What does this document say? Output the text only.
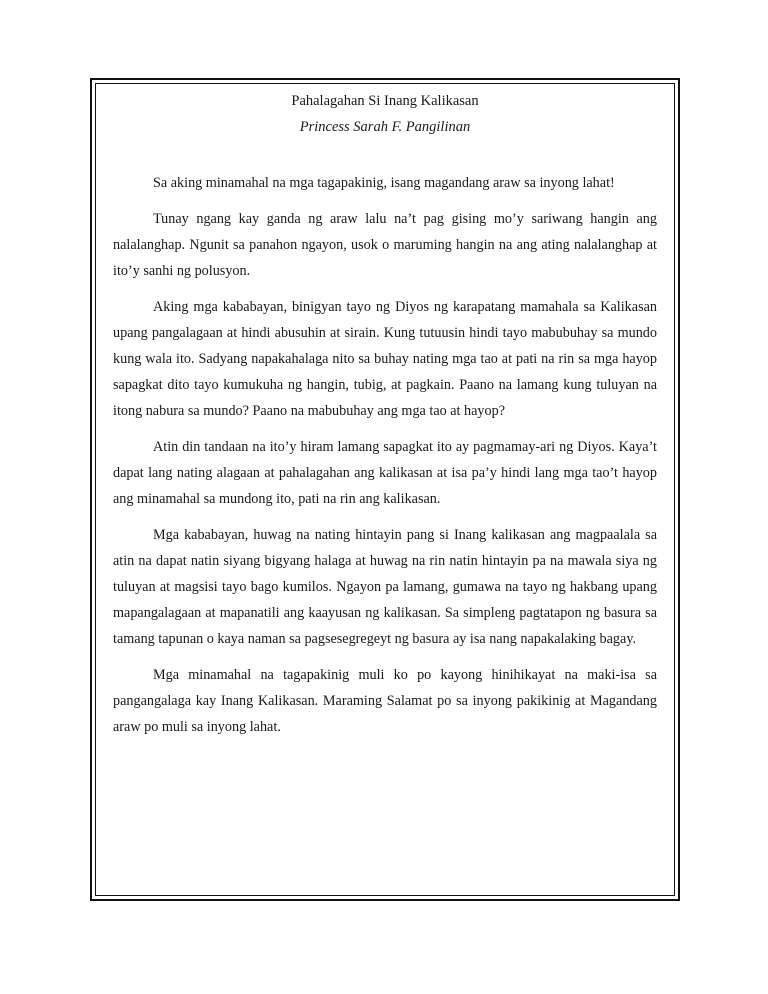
Pahalagahan Si Inang Kalikasan

Princess Sarah F. Pangilinan

Sa aking minamahal na mga tagapakinig, isang magandang araw sa inyong lahat!

Tunay ngang kay ganda ng araw lalu na’t pag gising mo’y sariwang hangin ang nalalanghap. Ngunit sa panahon ngayon, usok o maruming hangin na ang ating nalalanghap at ito’y sanhi ng polusyon.

Aking mga kababayan, binigyan tayo ng Diyos ng karapatang mamahala sa Kalikasan upang pangalagaan at hindi abusuhin at sirain. Kung tutuusin hindi tayo mabubuhay sa mundo kung wala ito. Sadyang napakahalaga nito sa buhay nating mga tao at pati na rin sa mga hayop sapagkat dito tayo kumukuha ng hangin, tubig, at pagkain. Paano na lamang kung tuluyan na itong nabura sa mundo? Paano na mabubuhay ang mga tao at hayop?

Atin din tandaan na ito’y hiram lamang sapagkat ito ay pagmamay-ari ng Diyos. Kaya’t dapat lang nating alagaan at pahalagahan ang kalikasan at isa pa’y hindi lang mga tao’t hayop ang minamahal sa mundong ito, pati na rin ang kalikasan.

Mga kababayan, huwag na nating hintayin pang si Inang kalikasan ang magpaalala sa atin na dapat natin siyang bigyang halaga at huwag na rin natin hintayin pa na mawala siya ng tuluyan at magsisi tayo bago kumilos. Ngayon pa lamang, gumawa na tayo ng hakbang upang mapangalagaan at mapanatili ang kaayusan ng kalikasan. Sa simpleng pagtatapon ng basura sa tamang tapunan o kaya naman sa pagsesegregeyt ng basura ay isa nang napakalaking bagay.

Mga minamahal na tagapakinig muli ko po kayong hinihikayat na maki-isa sa pangangalaga kay Inang Kalikasan. Maraming Salamat po sa inyong pakikinig at Magandang araw po muli sa inyong lahat.
